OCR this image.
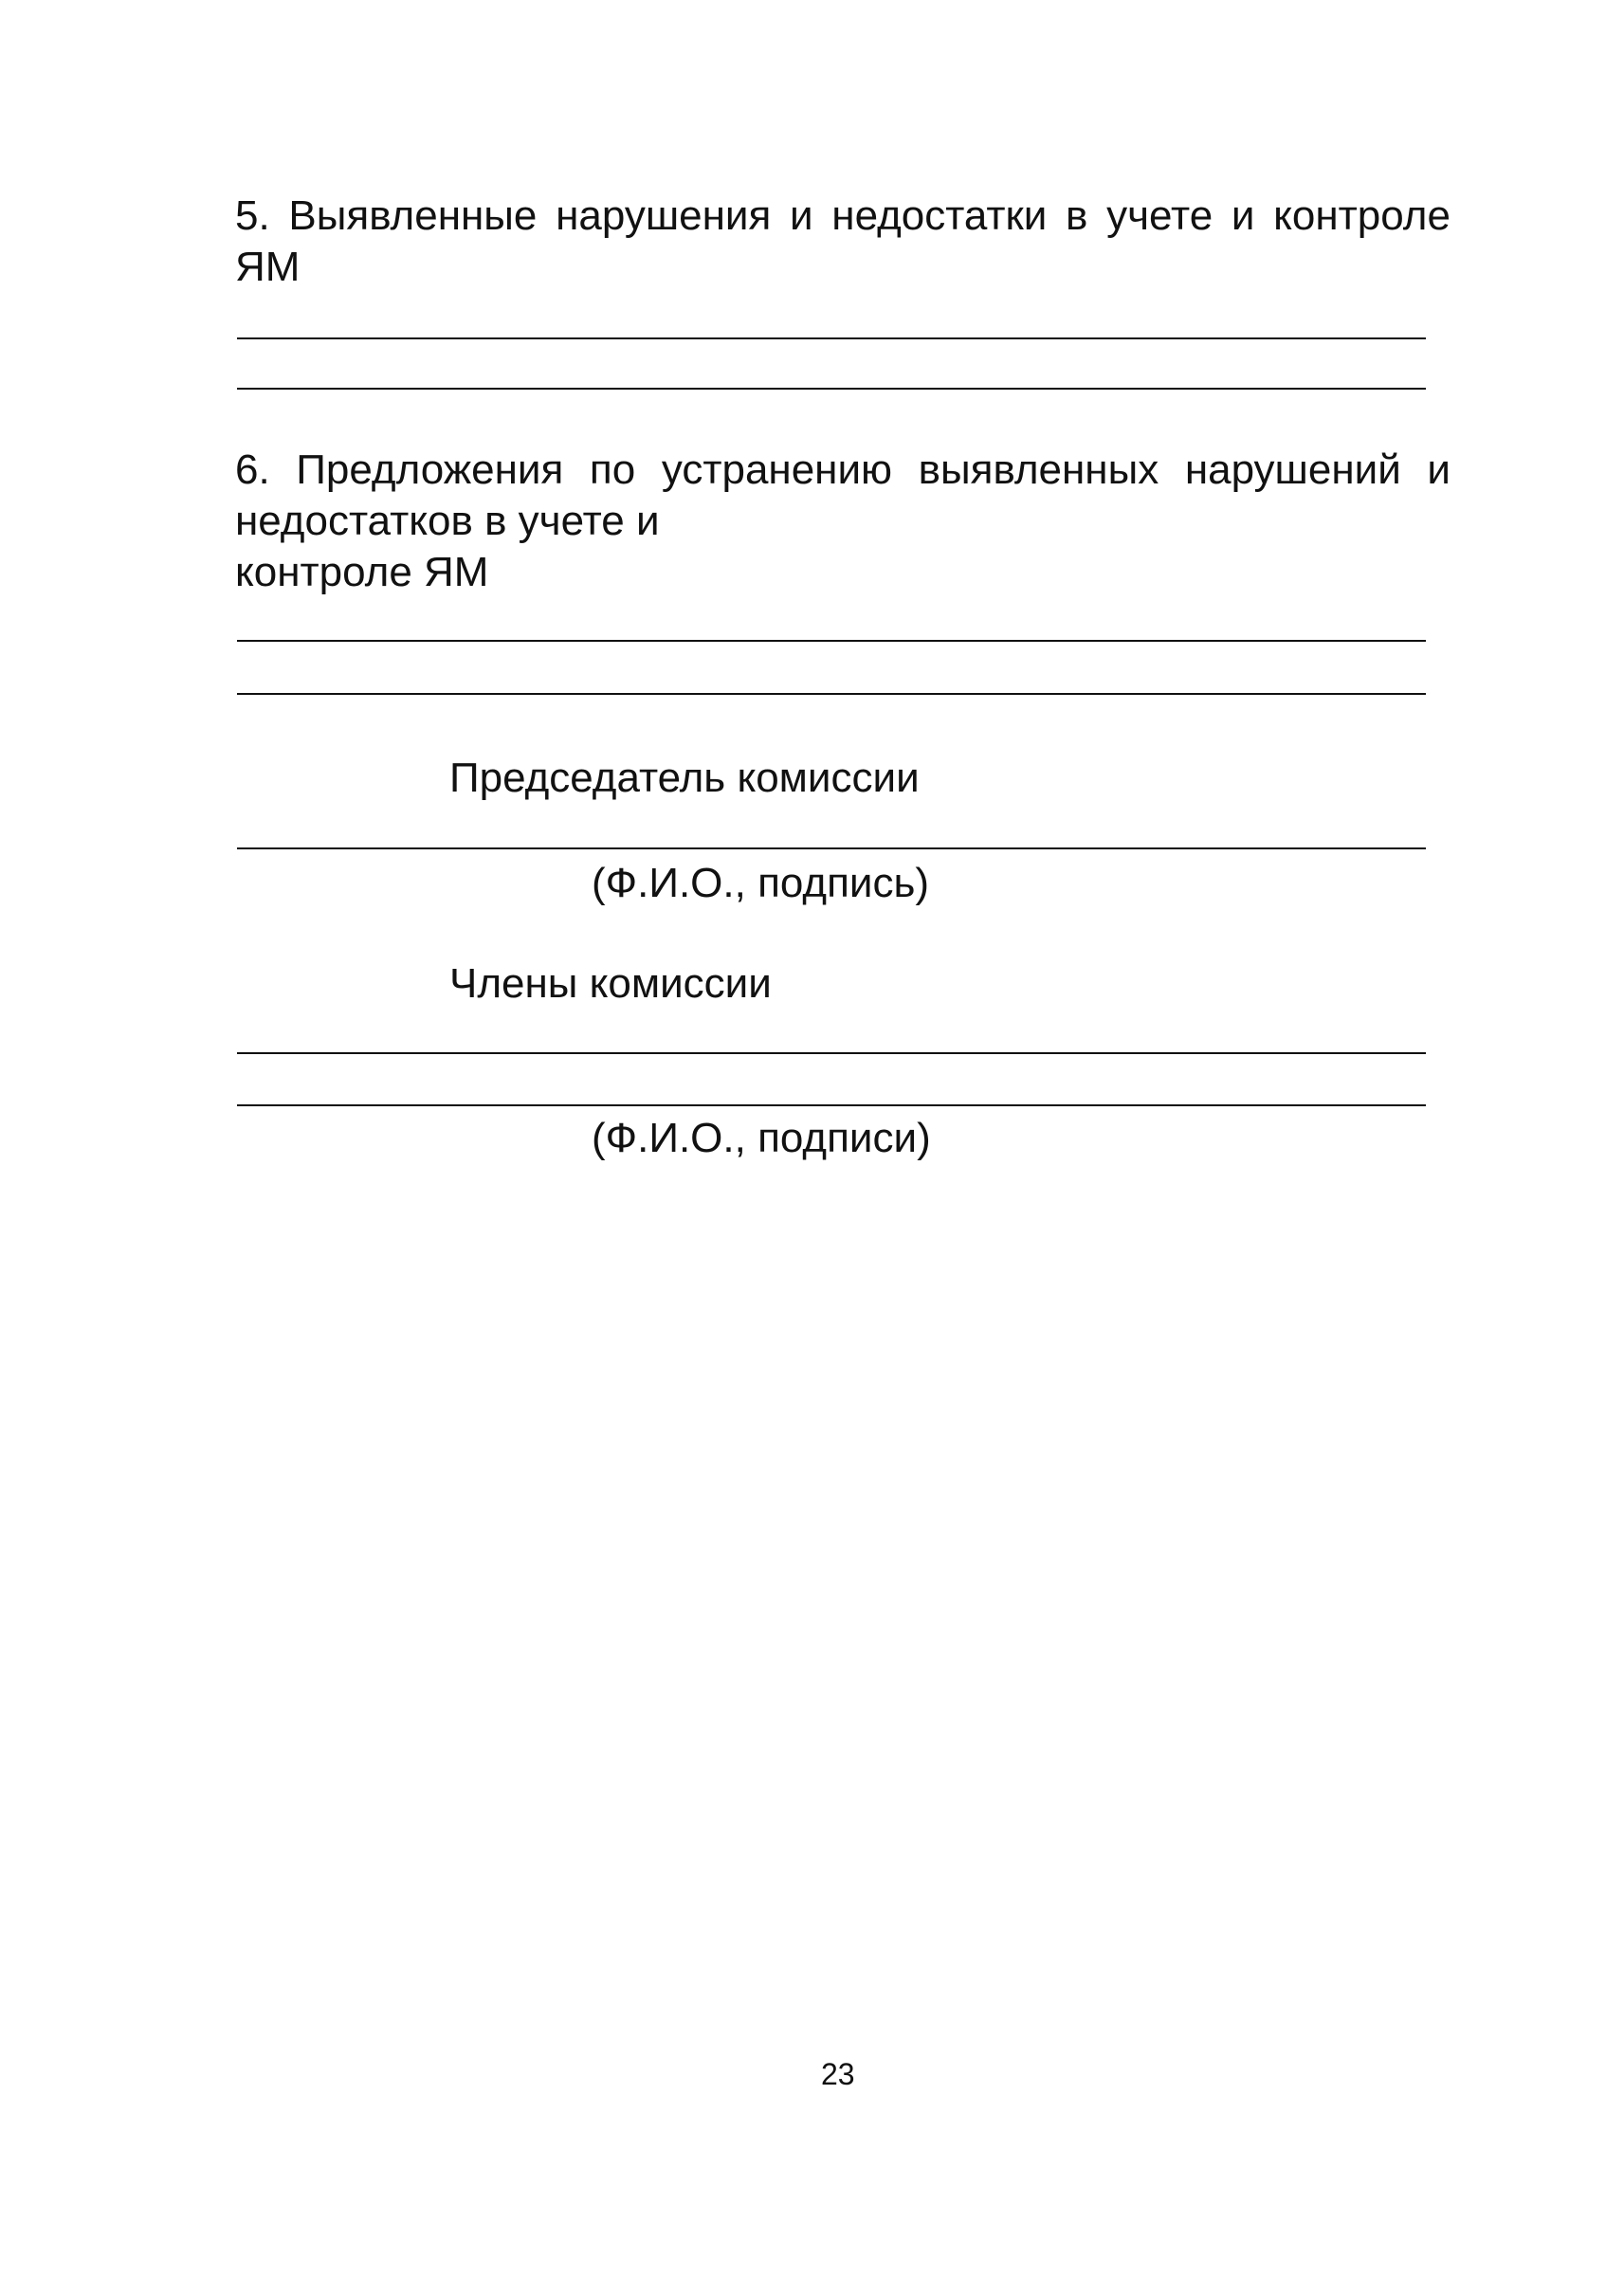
5. Выявленные нарушения и недостатки в учете и контроле
ЯМ
6. Предложения по устранению выявленных нарушений и
недостатков в учете и
контроле ЯМ
Председатель комиссии
(Ф.И.О., подпись)
Члены комиссии
(Ф.И.О., подписи)
23
